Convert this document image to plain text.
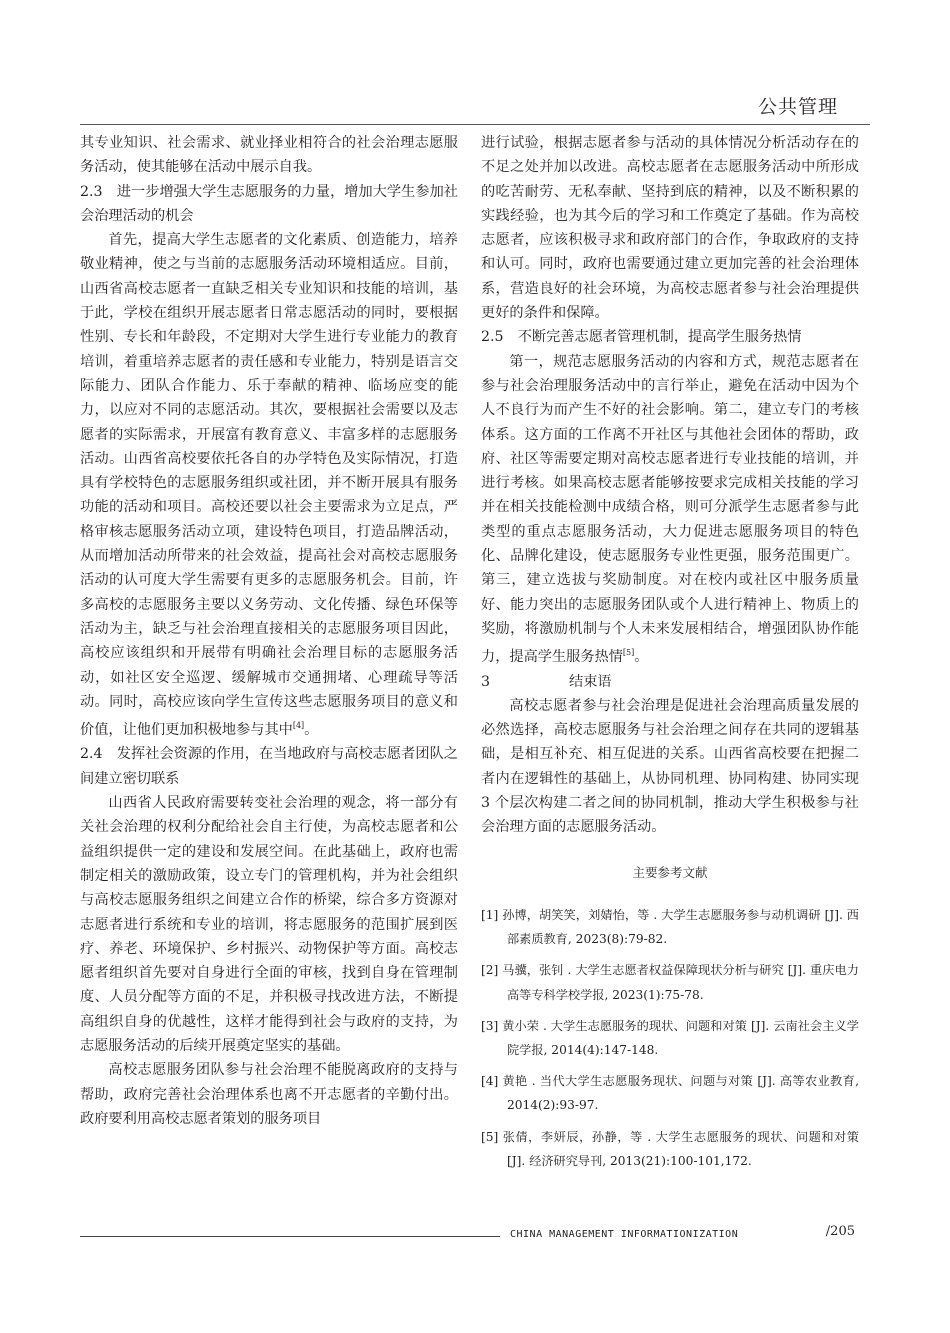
公共管理

其专业知识、社会需求、就业择业相符合的社会治理志愿服务活动，使其能够在活动中展示自我。

2.3　进一步增强大学生志愿服务的力量，增加大学生参加社会治理活动的机会

首先，提高大学生志愿者的文化素质、创造能力，培养敬业精神，使之与当前的志愿服务活动环境相适应。目前，山西省高校志愿者一直缺乏相关专业知识和技能的培训，基于此，学校在组织开展志愿者日常志愿活动的同时，要根据性别、专长和年龄段，不定期对大学生进行专业能力的教育培训，着重培养志愿者的责任感和专业能力，特别是语言交际能力、团队合作能力、乐于奉献的精神、临场应变的能力，以应对不同的志愿活动。其次，要根据社会需要以及志愿者的实际需求，开展富有教育意义、丰富多样的志愿服务活动。山西省高校要依托各自的办学特色及实际情况，打造具有学校特色的志愿服务组织或社团，并不断开展具有服务功能的活动和项目。高校还要以社会主要需求为立足点，严格审核志愿服务活动立项，建设特色项目，打造品牌活动，从而增加活动所带来的社会效益，提高社会对高校志愿服务活动的认可度大学生需要有更多的志愿服务机会。目前，许多高校的志愿服务主要以义务劳动、文化传播、绿色环保等活动为主，缺乏与社会治理直接相关的志愿服务项目因此，高校应该组织和开展带有明确社会治理目标的志愿服务活动，如社区安全巡逻、缓解城市交通拥堵、心理疏导等活动。同时，高校应该向学生宣传这些志愿服务项目的意义和价值，让他们更加积极地参与其中[4]。

2.4　发挥社会资源的作用，在当地政府与高校志愿者团队之间建立密切联系

山西省人民政府需要转变社会治理的观念，将一部分有关社会治理的权利分配给社会自主行使，为高校志愿者和公益组织提供一定的建设和发展空间。在此基础上，政府也需制定相关的激励政策，设立专门的管理机构，并为社会组织与高校志愿服务组织之间建立合作的桥梁，综合多方资源对志愿者进行系统和专业的培训，将志愿服务的范围扩展到医疗、养老、环境保护、乡村振兴、动物保护等方面。高校志愿者组织首先要对自身进行全面的审核，找到自身在管理制度、人员分配等方面的不足，并积极寻找改进方法，不断提高组织自身的优越性，这样才能得到社会与政府的支持，为志愿服务活动的后续开展奠定坚实的基础。

高校志愿服务团队参与社会治理不能脱离政府的支持与帮助，政府完善社会治理体系也离不开志愿者的辛勤付出。政府要利用高校志愿者策划的服务项目

进行试验，根据志愿者参与活动的具体情况分析活动存在的不足之处并加以改进。高校志愿者在志愿服务活动中所形成的吃苦耐劳、无私奉献、坚持到底的精神，以及不断积累的实践经验，也为其今后的学习和工作奠定了基础。作为高校志愿者，应该积极寻求和政府部门的合作，争取政府的支持和认可。同时，政府也需要通过建立更加完善的社会治理体系，营造良好的社会环境，为高校志愿者参与社会治理提供更好的条件和保障。

2.5　不断完善志愿者管理机制，提高学生服务热情

第一，规范志愿服务活动的内容和方式，规范志愿者在参与社会治理服务活动中的言行举止，避免在活动中因为个人不良行为而产生不好的社会影响。第二，建立专门的考核体系。这方面的工作离不开社区与其他社会团体的帮助，政府、社区等需要定期对高校志愿者进行专业技能的培训，并进行考核。如果高校志愿者能够按要求完成相关技能的学习并在相关技能检测中成绩合格，则可分派学生志愿者参与此类型的重点志愿服务活动，大力促进志愿服务项目的特色化、品牌化建设，使志愿服务专业性更强，服务范围更广。第三，建立选拔与奖励制度。对在校内或社区中服务质量好、能力突出的志愿服务团队或个人进行精神上、物质上的奖励，将激励机制与个人未来发展相结合，增强团队协作能力，提高学生服务热情[5]。

3	结束语

高校志愿者参与社会治理是促进社会治理高质量发展的必然选择，高校志愿服务与社会治理之间存在共同的逻辑基础，是相互补充、相互促进的关系。山西省高校要在把握二者内在逻辑性的基础上，从协同机理、协同构建、协同实现 3 个层次构建二者之间的协同机制，推动大学生积极参与社会治理方面的志愿服务活动。

主要参考文献
[1] 孙博，胡笑笑，刘婧怡，等 . 大学生志愿服务参与动机调研 [J]. 西部素质教育, 2023(8):79-82.
[2] 马骥，张钊 . 大学生志愿者权益保障现状分析与研究 [J]. 重庆电力高等专科学校学报, 2023(1):75-78.
[3] 黄小荣 . 大学生志愿服务的现状、问题和对策 [J]. 云南社会主义学院学报, 2014(4):147-148.
[4] 黄艳 . 当代大学生志愿服务现状、问题与对策 [J]. 高等农业教育, 2014(2):93-97.
[5] 张倩，李妍辰，孙静，等 . 大学生志愿服务的现状、问题和对策 [J]. 经济研究导刊, 2013(21):100-101,172.
CHINA MANAGEMENT INFORMATIONIZATION	/205
